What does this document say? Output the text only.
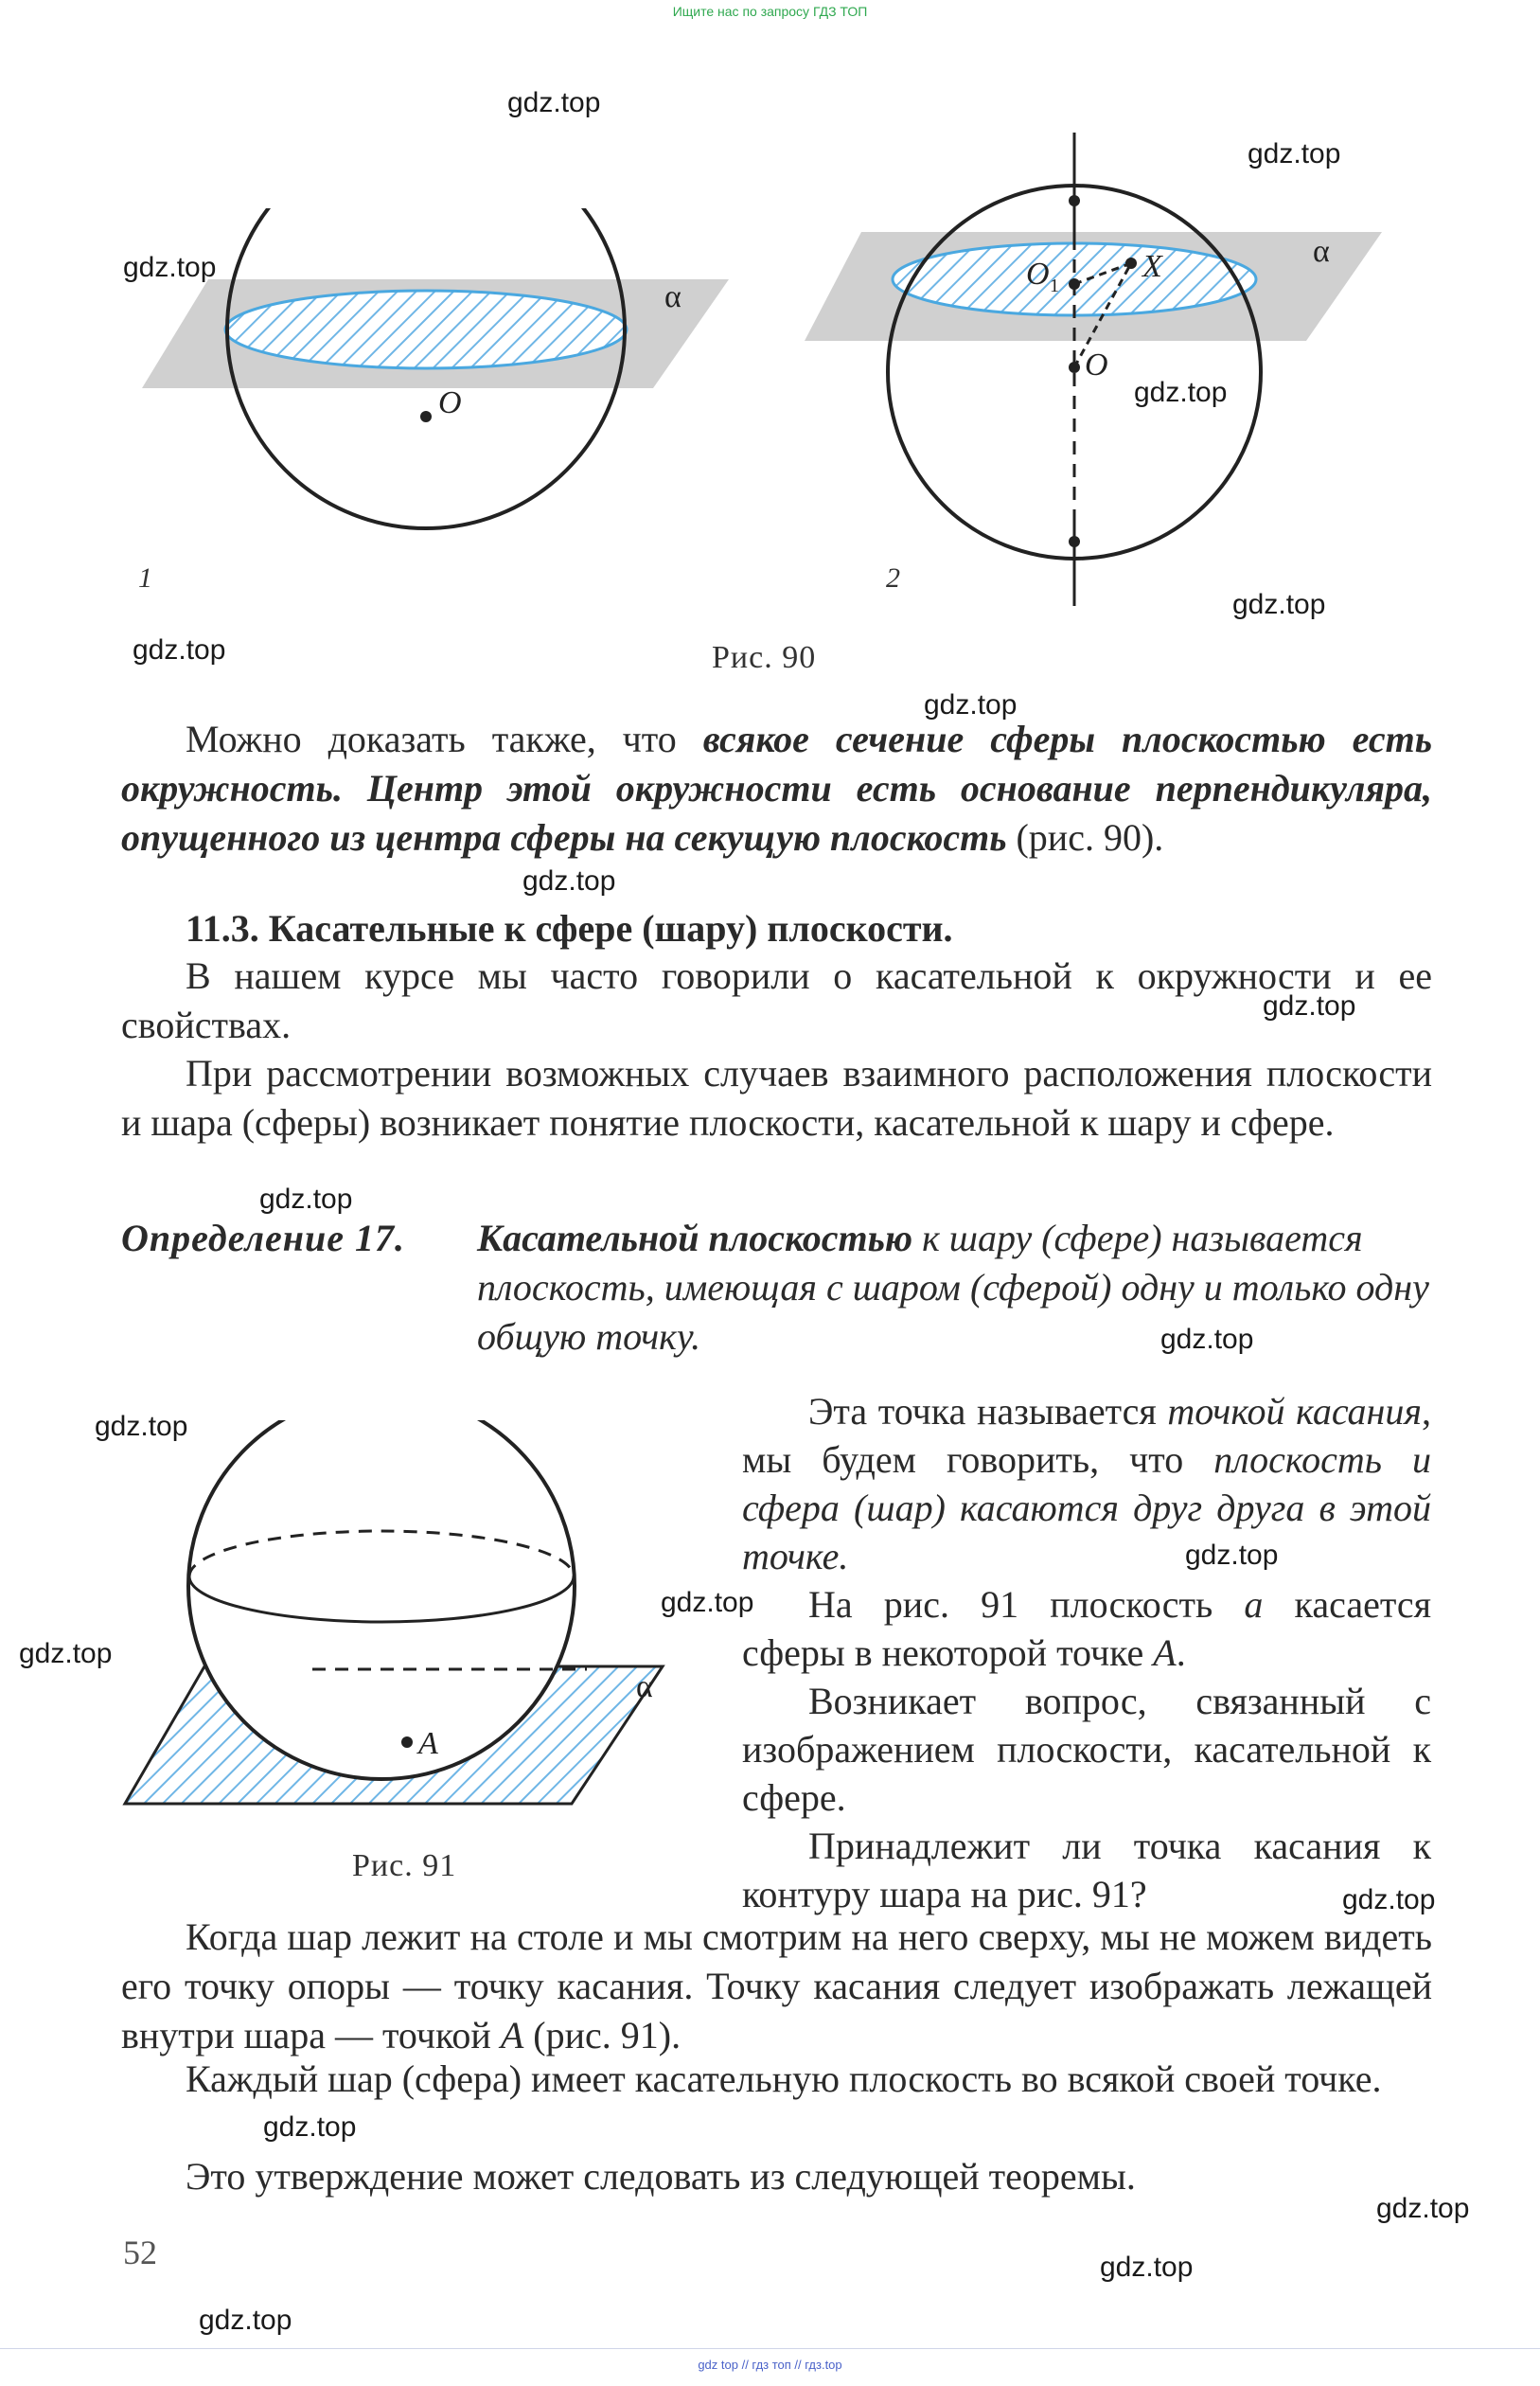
Ищите нас по запросу ГДЗ ТОП
gdz top // гдз топ // гдз.top
O
α
1
O 1
X
O
α
2
Рис. 90

Можно доказать также, что всякое сечение сферы плоскостью есть окружность. Центр этой окружности есть основание перпендикуляра, опущенного из центра сферы на секущую плоскость (рис. 90).

11.3. Касательные к сфере (шару) плоскости.

В нашем курсе мы часто говорили о касательной к окружности и ее свойствах.

При рассмотрении возможных случаев взаимного расположения плоскости и шара (сферы) возникает понятие плоскости, касательной к шару и сфере.

Определение 17. Касательной плоскостью к шару (сфере) называется плоскость, имеющая с шаром (сферой) одну и только одну общую точку.
A
α
Рис. 91

Эта точка называется точкой касания, мы будем говорить, что плоскость и сфера (шар) касаются друг друга в этой точке.

На рис. 91 плоскость a касается сферы в некоторой точке A.

Возникает вопрос, связанный с изображением плоскости, касательной к сфере.

Принадлежит ли точка касания к контуру шара на рис. 91?

Когда шар лежит на столе и мы смотрим на него сверху, мы не можем видеть его точку опоры — точку касания. Точку касания следует изображать лежащей внутри шара — точкой A (рис. 91).

Каждый шар (сфера) имеет касательную плоскость во всякой своей точке.

Это утверждение может следовать из следующей теоремы.

52
gdz.top
gdz.top
gdz.top
gdz.top
gdz.top
gdz.top
gdz.top
gdz.top
gdz.top
gdz.top
gdz.top
gdz.top
gdz.top
gdz.top
gdz.top
gdz.top
gdz.top
gdz.top
gdz.top
gdz.top
